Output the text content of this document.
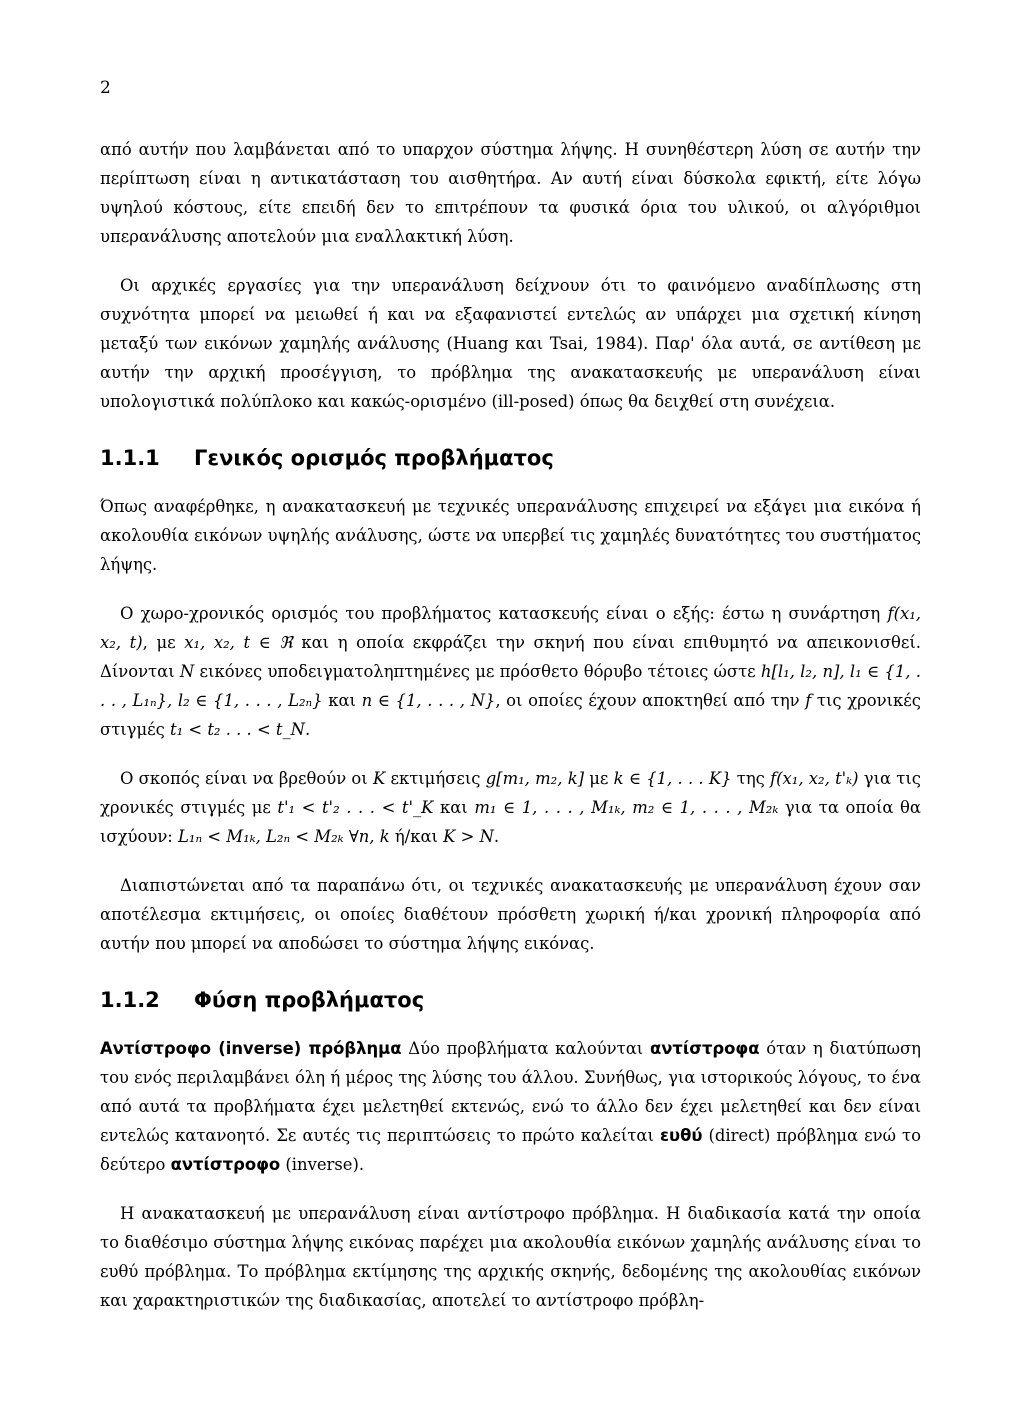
2

από αυτήν που λαμβάνεται από το υπαρχον σύστημα λήψης. Η συνηθέστερη λύση σε αυτήν την περίπτωση είναι η αντικατάσταση του αισθητήρα. Αν αυτή είναι δύσκολα εφικτή, είτε λόγω υψηλού κόστους, είτε επειδή δεν το επιτρέπουν τα φυσικά όρια του υλικού, οι αλγόριθμοι υπερανάλυσης αποτελούν μια εναλλακτική λύση.

Οι αρχικές εργασίες για την υπερανάλυση δείχνουν ότι το φαινόμενο αναδίπλωσης στη συχνότητα μπορεί να μειωθεί ή και να εξαφανιστεί εντελώς αν υπάρχει μια σχετική κίνηση μεταξύ των εικόνων χαμηλής ανάλυσης (Huang και Tsai, 1984). Παρ' όλα αυτά, σε αντίθεση με αυτήν την αρχική προσέγγιση, το πρόβλημα της ανακατασκευής με υπερανάλυση είναι υπολογιστικά πολύπλοκο και κακώς-ορισμένο (ill-posed) όπως θα δειχθεί στη συνέχεια.

1.1.1 Γενικός ορισμός προβλήματος

Όπως αναφέρθηκε, η ανακατασκευή με τεχνικές υπερανάλυσης επιχειρεί να εξάγει μια εικόνα ή ακολουθία εικόνων υψηλής ανάλυσης, ώστε να υπερβεί τις χαμηλές δυνατότητες του συστήματος λήψης.

Ο χωρο-χρονικός ορισμός του προβλήματος κατασκευής είναι ο εξής: έστω η συνάρτηση f(x₁, x₂, t), με x₁, x₂, t ∈ ℜ και η οποία εκφράζει την σκηνή που είναι επιθυμητό να απεικονισθεί. Δίνονται N εικόνες υποδειγματοληπτημένες με πρόσθετο θόρυβο τέτοιες ώστε h[l₁, l₂, n], l₁ ∈ {1, . . . , L₁ₙ}, l₂ ∈ {1, . . . , L₂ₙ} και n ∈ {1, . . . , N}, οι οποίες έχουν αποκτηθεί από την f τις χρονικές στιγμές t₁ < t₂ . . . < t_N.

Ο σκοπός είναι να βρεθούν οι K εκτιμήσεις g[m₁, m₂, k] με k ∈ {1, . . . K} της f(x₁, x₂, t'ₖ) για τις χρονικές στιγμές με t'₁ < t'₂ . . . < t'_K και m₁ ∈ 1, . . . , M₁ₖ, m₂ ∈ 1, . . . , M₂ₖ για τα οποία θα ισχύουν: L₁ₙ < M₁ₖ, L₂ₙ < M₂ₖ ∀n, k ή/και K > N.

Διαπιστώνεται από τα παραπάνω ότι, οι τεχνικές ανακατασκευής με υπερανάλυση έχουν σαν αποτέλεσμα εκτιμήσεις, οι οποίες διαθέτουν πρόσθετη χωρική ή/και χρονική πληροφορία από αυτήν που μπορεί να αποδώσει το σύστημα λήψης εικόνας.

1.1.2 Φύση προβλήματος

Αντίστροφο (inverse) πρόβλημα Δύο προβλήματα καλούνται αντίστροφα όταν η διατύπωση του ενός περιλαμβάνει όλη ή μέρος της λύσης του άλλου. Συνήθως, για ιστορικούς λόγους, το ένα από αυτά τα προβλήματα έχει μελετηθεί εκτενώς, ενώ το άλλο δεν έχει μελετηθεί και δεν είναι εντελώς κατανοητό. Σε αυτές τις περιπτώσεις το πρώτο καλείται ευθύ (direct) πρόβλημα ενώ το δεύτερο αντίστροφο (inverse).

Η ανακατασκευή με υπερανάλυση είναι αντίστροφο πρόβλημα. Η διαδικασία κατά την οποία το διαθέσιμο σύστημα λήψης εικόνας παρέχει μια ακολουθία εικόνων χαμηλής ανάλυσης είναι το ευθύ πρόβλημα. Το πρόβλημα εκτίμησης της αρχικής σκηνής, δεδομένης της ακολουθίας εικόνων και χαρακτηριστικών της διαδικασίας, αποτελεί το αντίστροφο πρόβλη-
